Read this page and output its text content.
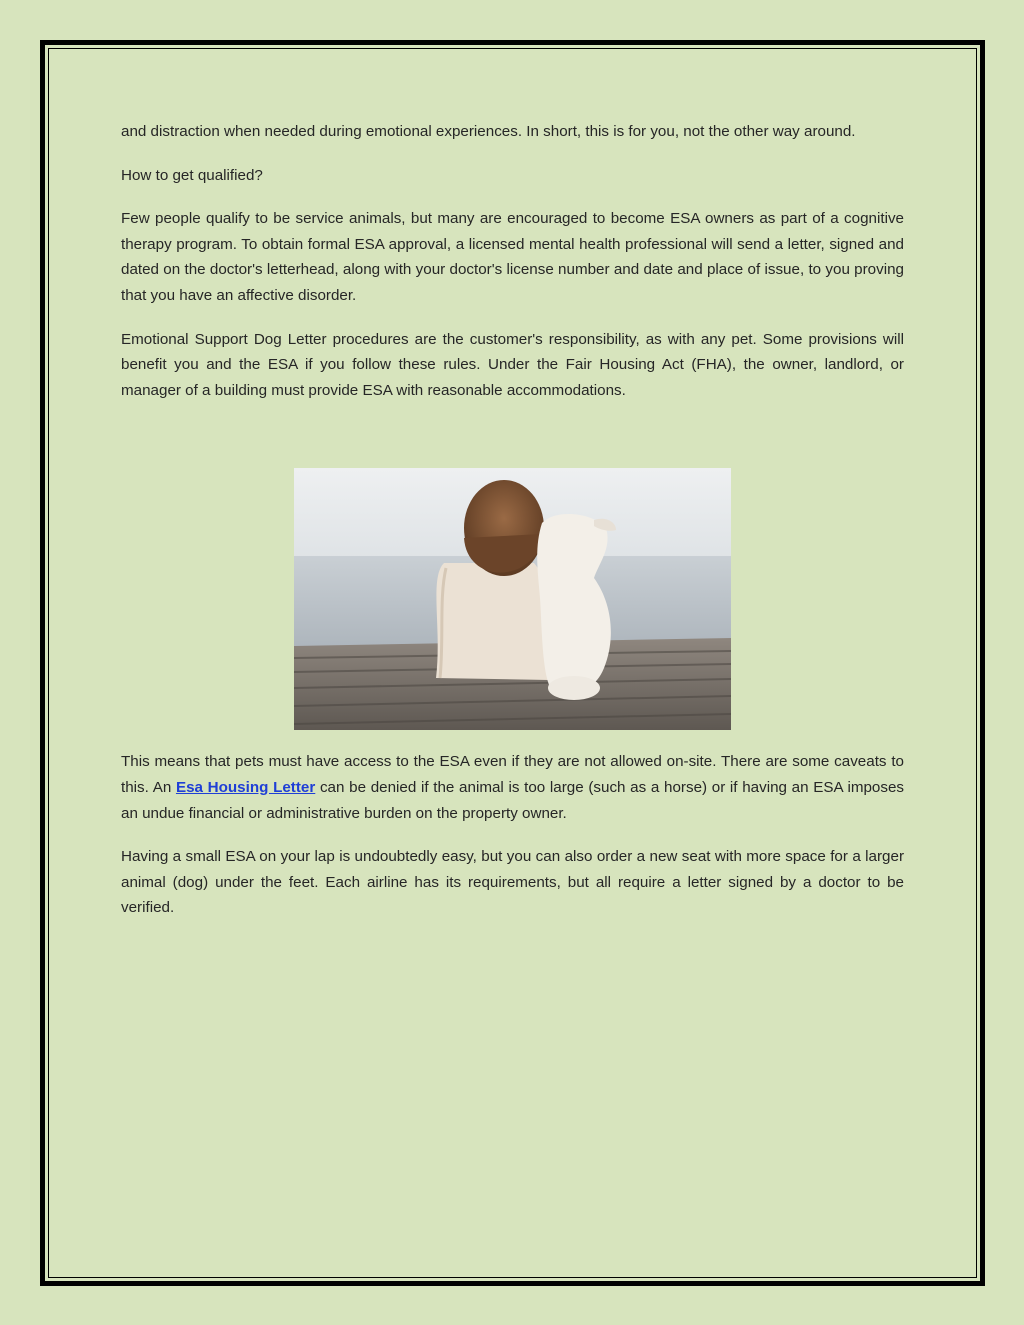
and distraction when needed during emotional experiences. In short, this is for you, not the other way around.

How to get qualified?

Few people qualify to be service animals, but many are encouraged to become ESA owners as part of a cognitive therapy program. To obtain formal ESA approval, a licensed mental health professional will send a letter, signed and dated on the doctor's letterhead, along with your doctor's license number and date and place of issue, to you proving that you have an affective disorder.

Emotional Support Dog Letter procedures are the customer's responsibility, as with any pet. Some provisions will benefit you and the ESA if you follow these rules. Under the Fair Housing Act (FHA), the owner, landlord, or manager of a building must provide ESA with reasonable accommodations.

This means that pets must have access to the ESA even if they are not allowed on-site. There are some caveats to this. An Esa Housing Letter can be denied if the animal is too large (such as a horse) or if having an ESA imposes an undue financial or administrative burden on the property owner.

Having a small ESA on your lap is undoubtedly easy, but you can also order a new seat with more space for a larger animal (dog) under the feet. Each airline has its requirements, but all require a letter signed by a doctor to be verified.
